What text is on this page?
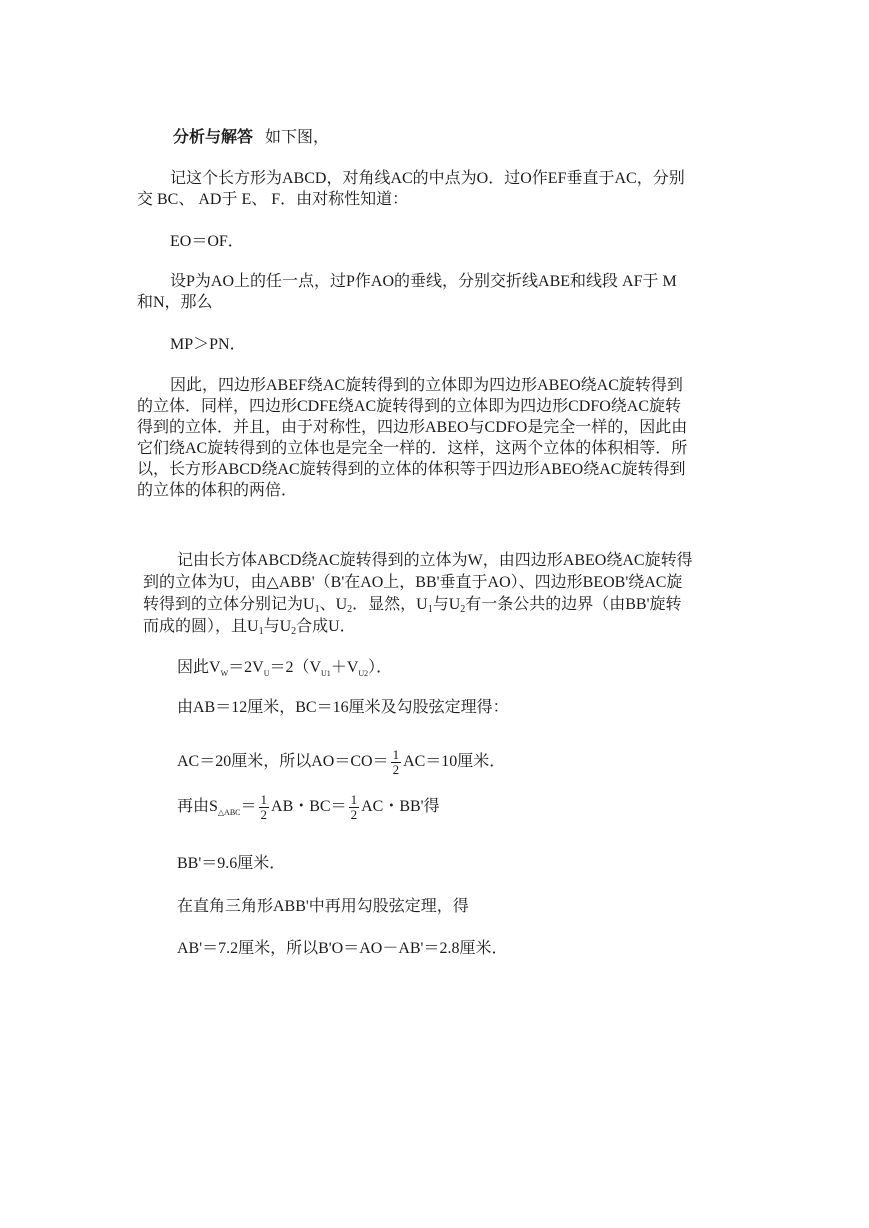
分析与解答 如下图，
记这个长方形为ABCD，对角线AC的中点为O．过O作EF垂直于AC，分别
交 BC、 AD于 E、 F．由对称性知道：
EO＝OF．
设P为AO上的任一点，过P作AO的垂线，分别交折线ABE和线段 AF于 M
和N，那么
MP＞PN．
因此，四边形ABEF绕AC旋转得到的立体即为四边形ABEO绕AC旋转得到
的立体．同样，四边形CDFE绕AC旋转得到的立体即为四边形CDFO绕AC旋转
得到的立体．并且，由于对称性，四边形ABEO与CDFO是完全一样的，因此由
它们绕AC旋转得到的立体也是完全一样的．这样，这两个立体的体积相等．所
以，长方形ABCD绕AC旋转得到的立体的体积等于四边形ABEO绕AC旋转得到
的立体的体积的两倍．
记由长方体ABCD绕AC旋转得到的立体为W，由四边形ABEO绕AC旋转得
到的立体为U，由△ABB'（B'在AO上，BB'垂直于AO）、四边形BEOB'绕AC旋
转得到的立体分别记为$U_1$、$U_2$．显然，$U_1$与$U_2$有一条公共的边界（由BB'旋转
而成的圆），且$U_1$与$U_2$合成U．
因此$V_W=2V_U=2(V_{U1}+V_{U2})$．
由AB＝12厘米，BC＝16厘米及勾股弦定理得：
AC＝20厘米，所以$AO=CO= \frac{1}{2} AC=10$厘米．
再由$S_{\triangle ABC}= \frac{1}{2}$ AB・$BC= \frac{1}{2}$ AC・BB'得
BB'＝9.6厘米．
在直角三角形ABB'中再用勾股弦定理，得
AB'＝7.2厘米，所以B'O＝AO－AB'＝2.8厘米．
